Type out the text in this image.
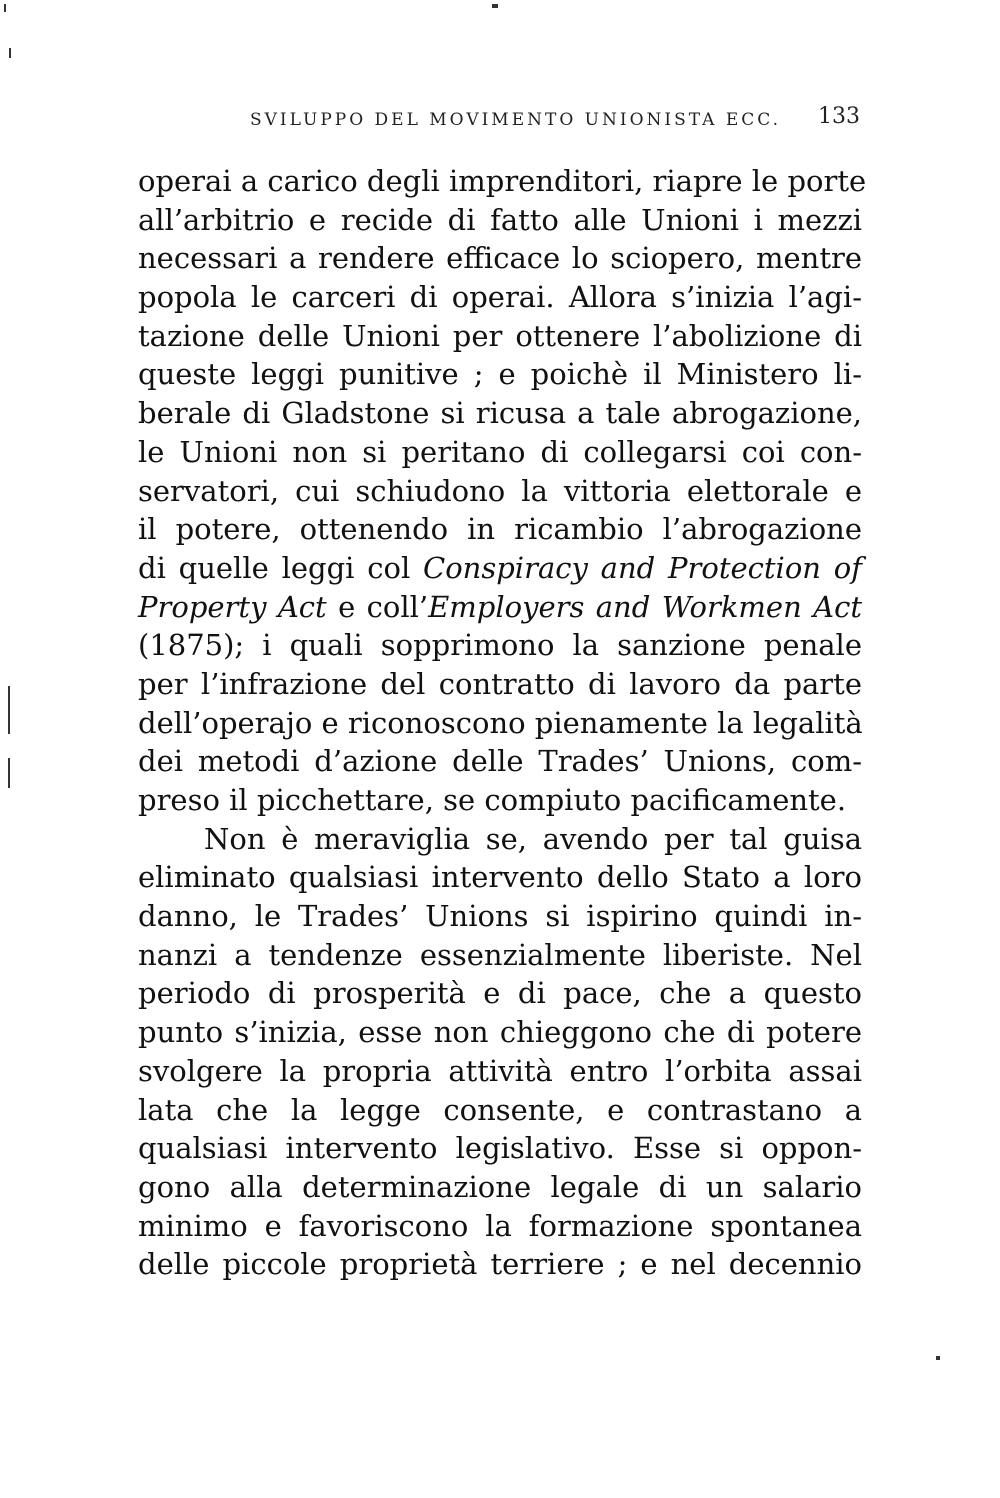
SVILUPPO DEL MOVIMENTO UNIONISTA ECC. 133
operai a carico degli imprenditori, riapre le porte
all’arbitrio e recide di fatto alle Unioni i mezzi
necessari a rendere efficace lo sciopero, mentre
popola le carceri di operai. Allora s’inizia l’agi-
tazione delle Unioni per ottenere l’abolizione di
queste leggi punitive ; e poichè il Ministero li-
berale di Gladstone si ricusa a tale abrogazione,
le Unioni non si peritano di collegarsi coi con-
servatori, cui schiudono la vittoria elettorale e
il potere, ottenendo in ricambio l’abrogazione
di quelle leggi col Conspiracy and Protection of
Property Act e coll’Employers and Workmen Act
(1875); i quali sopprimono la sanzione penale
per l’infrazione del contratto di lavoro da parte
dell’operajo e riconoscono pienamente la legalità
dei metodi d’azione delle Trades’ Unions, com-
preso il picchettare, se compiuto pacificamente.
Non è meraviglia se, avendo per tal guisa
eliminato qualsiasi intervento dello Stato a loro
danno, le Trades’ Unions si ispirino quindi in-
nanzi a tendenze essenzialmente liberiste. Nel
periodo di prosperità e di pace, che a questo
punto s’inizia, esse non chieggono che di potere
svolgere la propria attività entro l’orbita assai
lata che la legge consente, e contrastano a
qualsiasi intervento legislativo. Esse si oppon-
gono alla determinazione legale di un salario
minimo e favoriscono la formazione spontanea
delle piccole proprietà terriere ; e nel decennio
